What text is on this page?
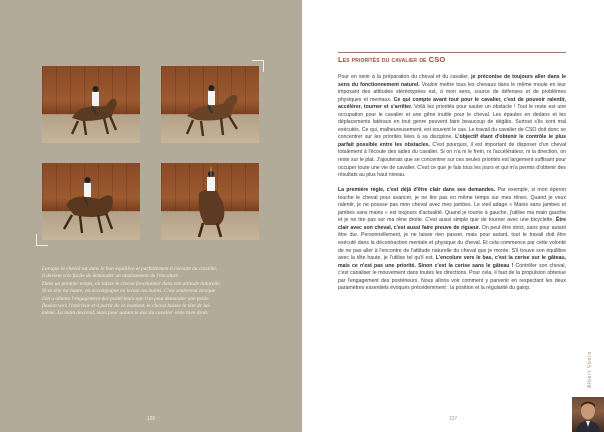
Lorsque le cheval est dans le bon équilibre et parfaitement à l'écoute du cavalier,
il devient très facile de demander un abaissement de l'encolure.
Dans un premier temps, on laisse le cheval fonctionner dans son attitude naturelle.
Si sa tête est haute, on accompagne en levant les mains. C'est seulement lorsque
l'on a obtenu l'engagement des postérieurs que l'on peut demander une petite
flexion vers l'intérieur et à partir de ce moment, le cheval baisse la tête de lui-
même. La main descend, mais pour autant le dos du cavalier reste bien droit.
126
Les priorités du cavalier de CSO

Pour en venir à la préparation du cheval et du cavalier, je préconise de toujours aller dans le sens du fonctionnement naturel. Vouloir mettre tous les chevaux dans le même moule en leur imposant des attitudes stéréotypées est, à mon sens, source de défenses et de problèmes physiques et mentaux. Ce qui compte avant tout pour le cavalier, c'est de pouvoir ralentir, accélérer, tourner et s'arrêter. Voilà les priorités pour sauter un obstacle ! Tout le reste est une occupation pour le cavalier et une gêne inutile pour le cheval. Les épaules en dedans et les déplacements latéraux en tout genre peuvent faire beaucoup de dégâts. Surtout s'ils sont mal exécutés. Ce qui, malheureusement, est souvent le cas. Le travail du cavalier de CSO doit donc se concentrer sur les priorités liées à sa discipline. L'objectif étant d'obtenir le contrôle le plus parfait possible entre les obstacles. C'est pourquoi, il est important de disposer d'un cheval totalement à l'écoute des aides du cavalier. Si on n'a ni le frein, ni l'accélérateur, ni la direction, on reste sur le plat. J'ajouterais que se concentrer sur ces seules priorités est largement suffisant pour occuper toute une vie de cavalier. C'est ce que je fais tous les jours et qui m'a permis d'obtenir des résultats au plus haut niveau.

La première règle, c'est déjà d'être clair dans ses demandes. Par exemple, si mon éperon touche le cheval pour avancer, je ne tire pas en même temps sur mes rênes. Quand je veux ralentir, je ne pousse pas mon cheval avec mes jambes. Le vieil adage « Mains sans jambes et jambes sans mains » est toujours d'actualité. Quand je tourne à gauche, j'utilise ma main gauche et je ne tire pas sur ma rêne droite. C'est aussi simple que de tourner avec une bicyclette. Être clair avec son cheval, c'est aussi faire preuve de rigueur. On peut être strict, sans pour autant être dur. Personnellement, je ne laisse rien passer, mais pour autant, tout le travail doit être exécuté dans la décontraction mentale et physique du cheval. Et cela commence par cette volonté de ne pas aller à l'encontre de l'attitude naturelle du cheval que je monte. S'il trouve son équilibre avec la tête haute, je l'utilise tel qu'il est. L'encolure vers le bas, c'est la cerise sur le gâteau, mais ce n'est pas une priorité. Sinon c'est la cerise sans le gâteau ! Contrôler son cheval, c'est canaliser le mouvement dans toutes les directions. Pour cela, il faut de la propulsion obtenue par l'engagement des postérieurs. Nous allons voir comment y parvenir en respectant les deux paramètres essentiels évoqués précédemment : la position et la régularité du galop.

Albert Voorn
127
